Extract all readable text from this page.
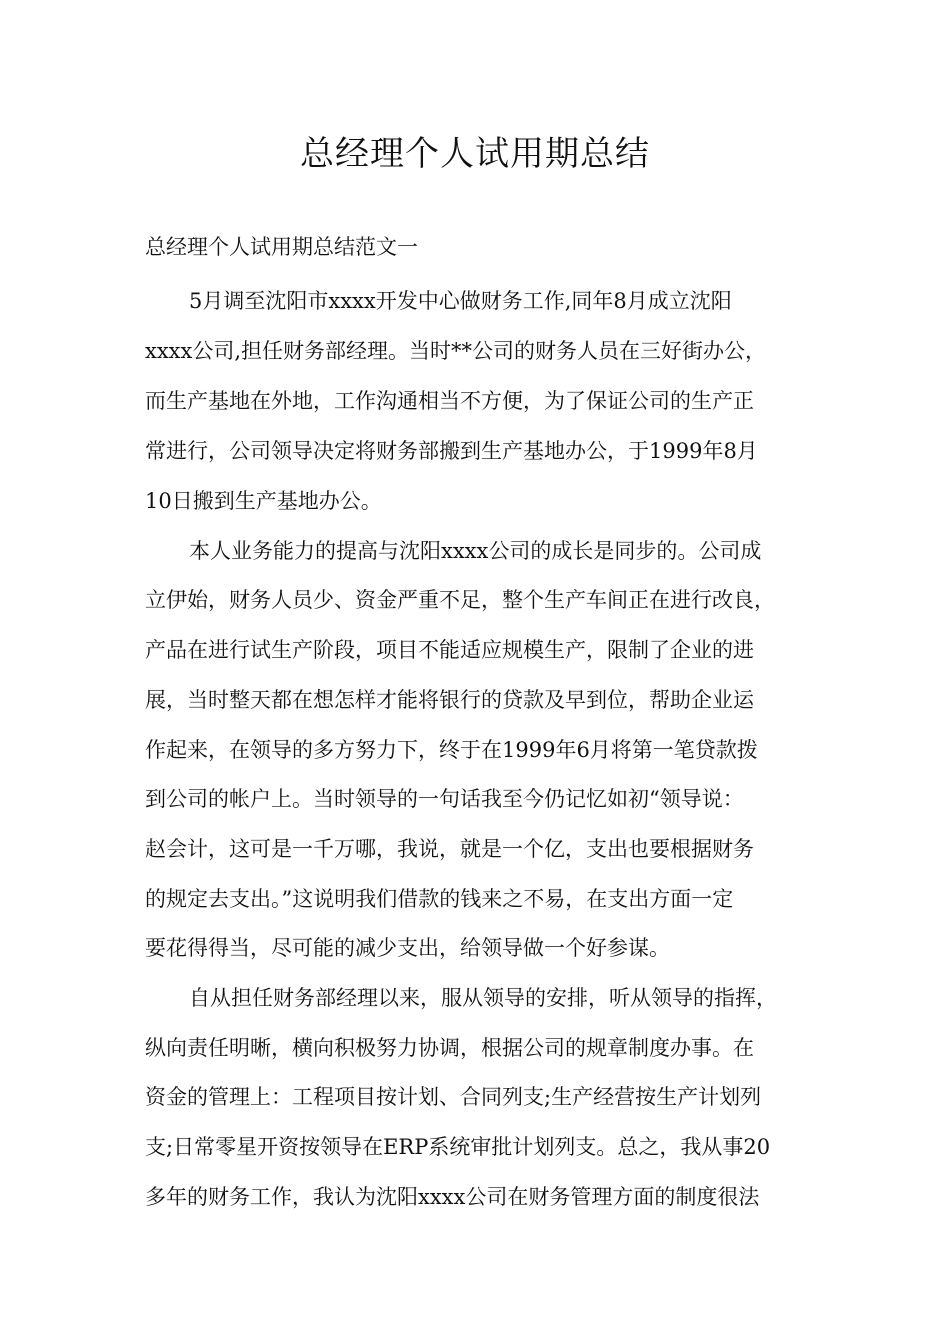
总经理个人试用期总结

总经理个人试用期总结范文一

5月调至沈阳市xxxx开发中心做财务工作,同年8月成立沈阳

xxxx公司,担任财务部经理。当时**公司的财务人员在三好街办公，

而生产基地在外地，工作沟通相当不方便，为了保证公司的生产正

常进行，公司领导决定将财务部搬到生产基地办公，于1999年8月

10日搬到生产基地办公。

本人业务能力的提高与沈阳xxxx公司的成长是同步的。公司成

立伊始，财务人员少、资金严重不足，整个生产车间正在进行改良，

产品在进行试生产阶段，项目不能适应规模生产，限制了企业的进

展，当时整天都在想怎样才能将银行的贷款及早到位，帮助企业运

作起来，在领导的多方努力下，终于在1999年6月将第一笔贷款拨

到公司的帐户上。当时领导的一句话我至今仍记忆如初“领导说：

赵会计，这可是一千万哪，我说，就是一个亿，支出也要根据财务

的规定去支出。”这说明我们借款的钱来之不易，在支出方面一定

要花得得当，尽可能的减少支出，给领导做一个好参谋。

自从担任财务部经理以来，服从领导的安排，听从领导的指挥，

纵向责任明晰，横向积极努力协调，根据公司的规章制度办事。在

资金的管理上：工程项目按计划、合同列支;生产经营按生产计划列

支;日常零星开资按领导在ERP系统审批计划列支。总之，我从事20

多年的财务工作，我认为沈阳xxxx公司在财务管理方面的制度很法
